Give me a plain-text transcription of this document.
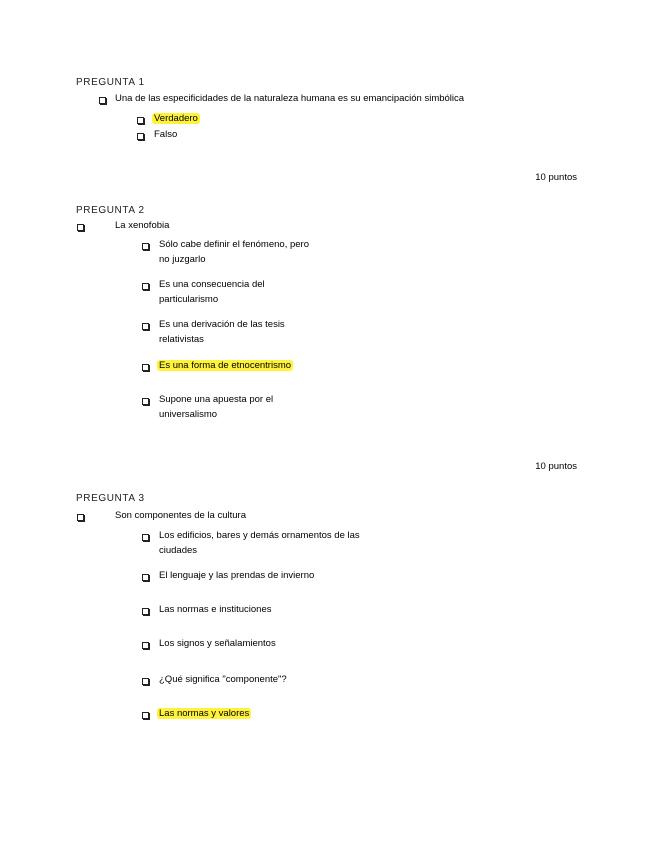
PREGUNTA 1
Una de las especificidades de la naturaleza humana es su emancipación simbólica
Verdadero
Falso
10 puntos
PREGUNTA 2
La xenofobia
Sólo cabe definir el fenómeno, pero
no juzgarlo
Es una consecuencia del
particularismo
Es una derivación de las tesis
relativistas
Es una forma de etnocentrismo
Supone una apuesta por el
universalismo
10 puntos
PREGUNTA 3
Son componentes de la cultura
Los edificios, bares y demás ornamentos de las
ciudades
El lenguaje y las prendas de invierno
Las normas e instituciones
Los signos y señalamientos
¿Qué significa "componente"?
Las normas y valores
